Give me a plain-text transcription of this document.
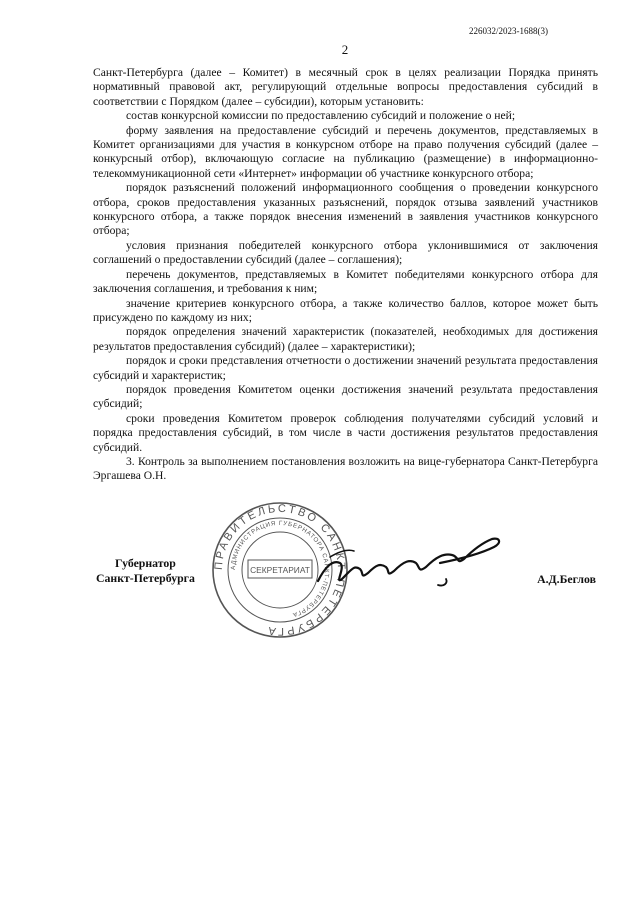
226032/2023-1688(3)
2

Санкт-Петербурга (далее – Комитет) в месячный срок в целях реализации Порядка принять нормативный правовой акт, регулирующий отдельные вопросы предоставления субсидий в соответствии с Порядком (далее – субсидии), которым установить:

состав конкурсной комиссии по предоставлению субсидий и положение о ней;

форму заявления на предоставление субсидий и перечень документов, представляемых в Комитет организациями для участия в конкурсном отборе на право получения субсидий (далее – конкурсный отбор), включающую согласие на публикацию (размещение) в информационно-телекоммуникационной сети «Интернет» информации об участнике конкурсного отбора;

порядок разъяснений положений информационного сообщения о проведении конкурсного отбора, сроков предоставления указанных разъяснений, порядок отзыва заявлений участников конкурсного отбора, а также порядок внесения изменений в заявления участников конкурсного отбора;

условия признания победителей конкурсного отбора уклонившимися от заключения соглашений о предоставлении субсидий (далее – соглашения);

перечень документов, представляемых в Комитет победителями конкурсного отбора для заключения соглашения, и требования к ним;

значение критериев конкурсного отбора, а также количество баллов, которое может быть присуждено по каждому из них;

порядок определения значений характеристик (показателей, необходимых для достижения результатов предоставления субсидий) (далее – характеристики);

порядок и сроки представления отчетности о достижении значений результата предоставления субсидий и характеристик;

порядок проведения Комитетом оценки достижения значений результата предоставления субсидий;

сроки проведения Комитетом проверок соблюдения получателями субсидий условий и порядка предоставления субсидий, в том числе в части достижения результатов предоставления субсидий.

3. Контроль за выполнением постановления возложить на вице-губернатора Санкт-Петербурга Эргашева О.Н.

ПРАВИТЕЛЬСТВО САНКТ-ПЕТЕРБУРГА
АДМИНИСТРАЦИЯ ГУБЕРНАТОРА САНКТ-ПЕТЕРБУРГА
СЕКРЕТАРИАТ
Губернатор
Санкт-Петербурга	А.Д.Беглов
